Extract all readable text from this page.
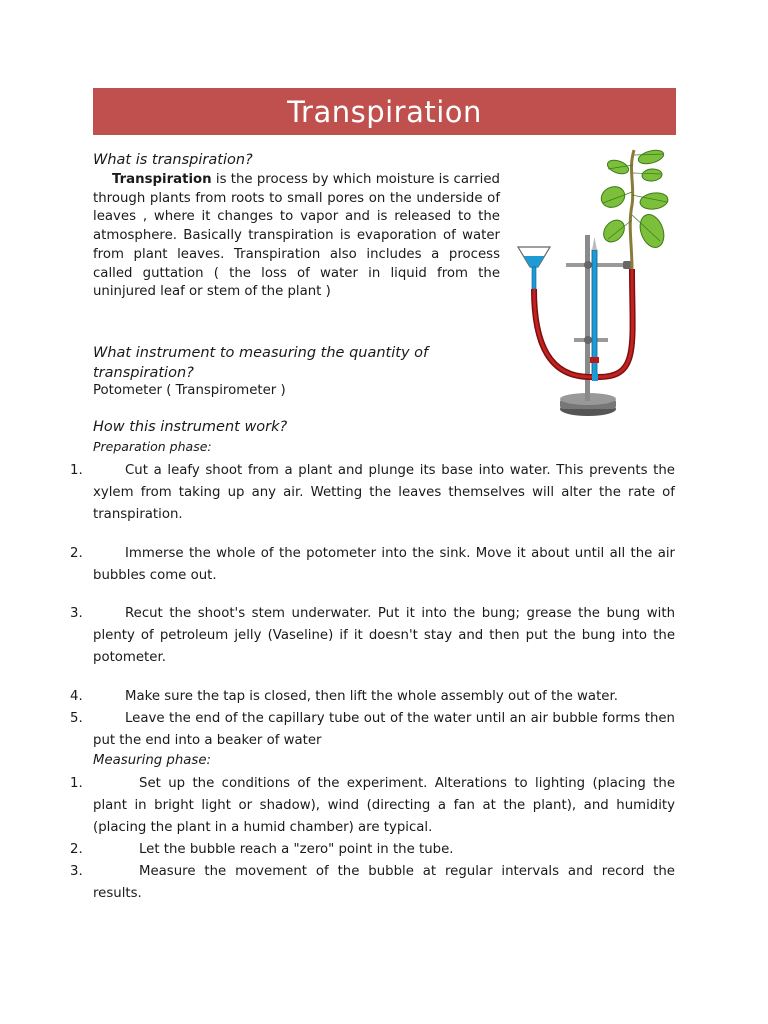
Transpiration
What is transpiration?
Transpiration is the process by which moisture is carried through plants from roots to small pores on the underside of leaves , where it changes to vapor and is released to the atmosphere. Basically transpiration is evaporation of water from plant leaves. Transpiration also includes a process called guttation ( the loss of water in liquid from the uninjured leaf or stem of the plant )
What instrument to measuring the quantity of transpiration?
Potometer ( Transpirometer )
How this instrument work?
Preparation phase:
1.	Cut a leafy shoot from a plant and plunge its base into water. This prevents the xylem from taking up any air. Wetting the leaves themselves will alter the rate of transpiration.
2.	Immerse the whole of the potometer into the sink. Move it about until all the air bubbles come out.
3.	Recut the shoot's stem underwater. Put it into the bung; grease the bung with plenty of petroleum jelly (Vaseline) if it doesn't stay and then put the bung into the potometer.
4.	Make sure the tap is closed, then lift the whole assembly out of the water.
5.	Leave the end of the capillary tube out of the water until an air bubble forms then put the end into a beaker of water
Measuring phase:
1.	Set up the conditions of the experiment. Alterations to lighting (placing the plant in bright light or shadow), wind (directing a fan at the plant), and humidity (placing the plant in a humid chamber) are typical.
2.	Let the bubble reach a "zero" point in the tube.
3.	Measure the movement of the bubble at regular intervals and record the results.
